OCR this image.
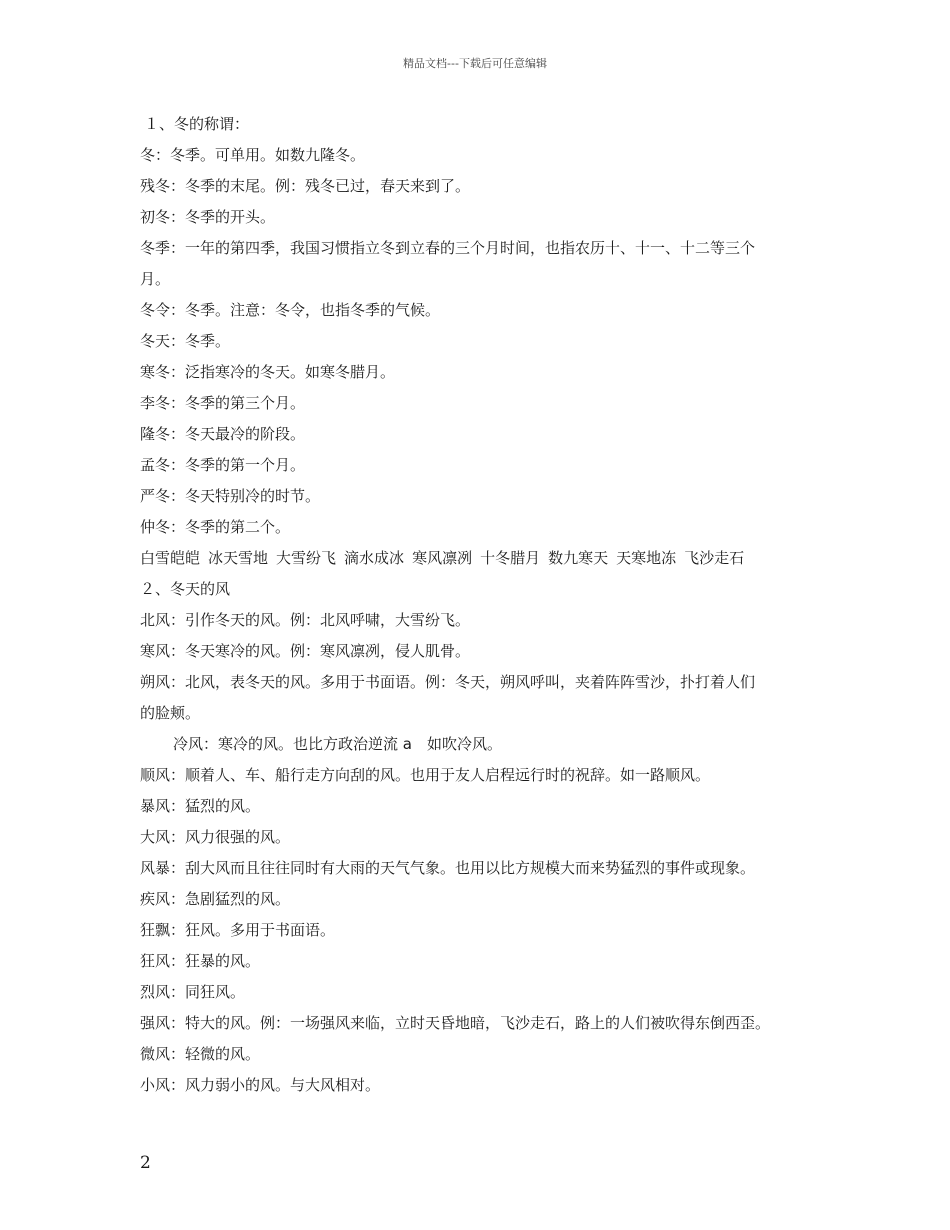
精品文档---下载后可任意编辑
１、冬的称谓：
冬：冬季。可单用。如数九隆冬。
残冬：冬季的末尾。例：残冬已过，春天来到了。
初冬：冬季的开头。
冬季：一年的第四季，我国习惯指立冬到立春的三个月时间，也指农历十、十一、十二等三个
月。
冬令：冬季。注意：冬令，也指冬季的气候。
冬天：冬季。
寒冬：泛指寒冷的冬天。如寒冬腊月。
李冬：冬季的第三个月。
隆冬：冬天最冷的阶段。
孟冬：冬季的第一个月。
严冬：冬天特别冷的时节。
仲冬：冬季的第二个。
白雪皑皑 冰天雪地 大雪纷飞 滴水成冰 寒风凛冽 十冬腊月 数九寒天 天寒地冻 飞沙走石
２、冬天的风
北风：引作冬天的风。例：北风呼啸，大雪纷飞。
寒风：冬天寒冷的风。例：寒风凛冽，侵人肌骨。
朔风：北风，表冬天的风。多用于书面语。例：冬天，朔风呼叫，夹着阵阵雪沙，扑打着人们
的脸颊。
冷风：寒冷的风。也比方政治逆流 a　如吹冷风。
顺风：顺着人、车、船行走方向刮的风。也用于友人启程远行时的祝辞。如一路顺风。
暴风：猛烈的风。
大风：风力很强的风。
风暴：刮大风而且往往同时有大雨的天气气象。也用以比方规模大而来势猛烈的事件或现象。
疾风：急剧猛烈的风。
狂飘：狂风。多用于书面语。
狂风：狂暴的风。
烈风：同狂风。
强风：特大的风。例：一场强风来临，立时天昏地暗，飞沙走石，路上的人们被吹得东倒西歪。
微风：轻微的风。
小风：风力弱小的风。与大风相对。
2
